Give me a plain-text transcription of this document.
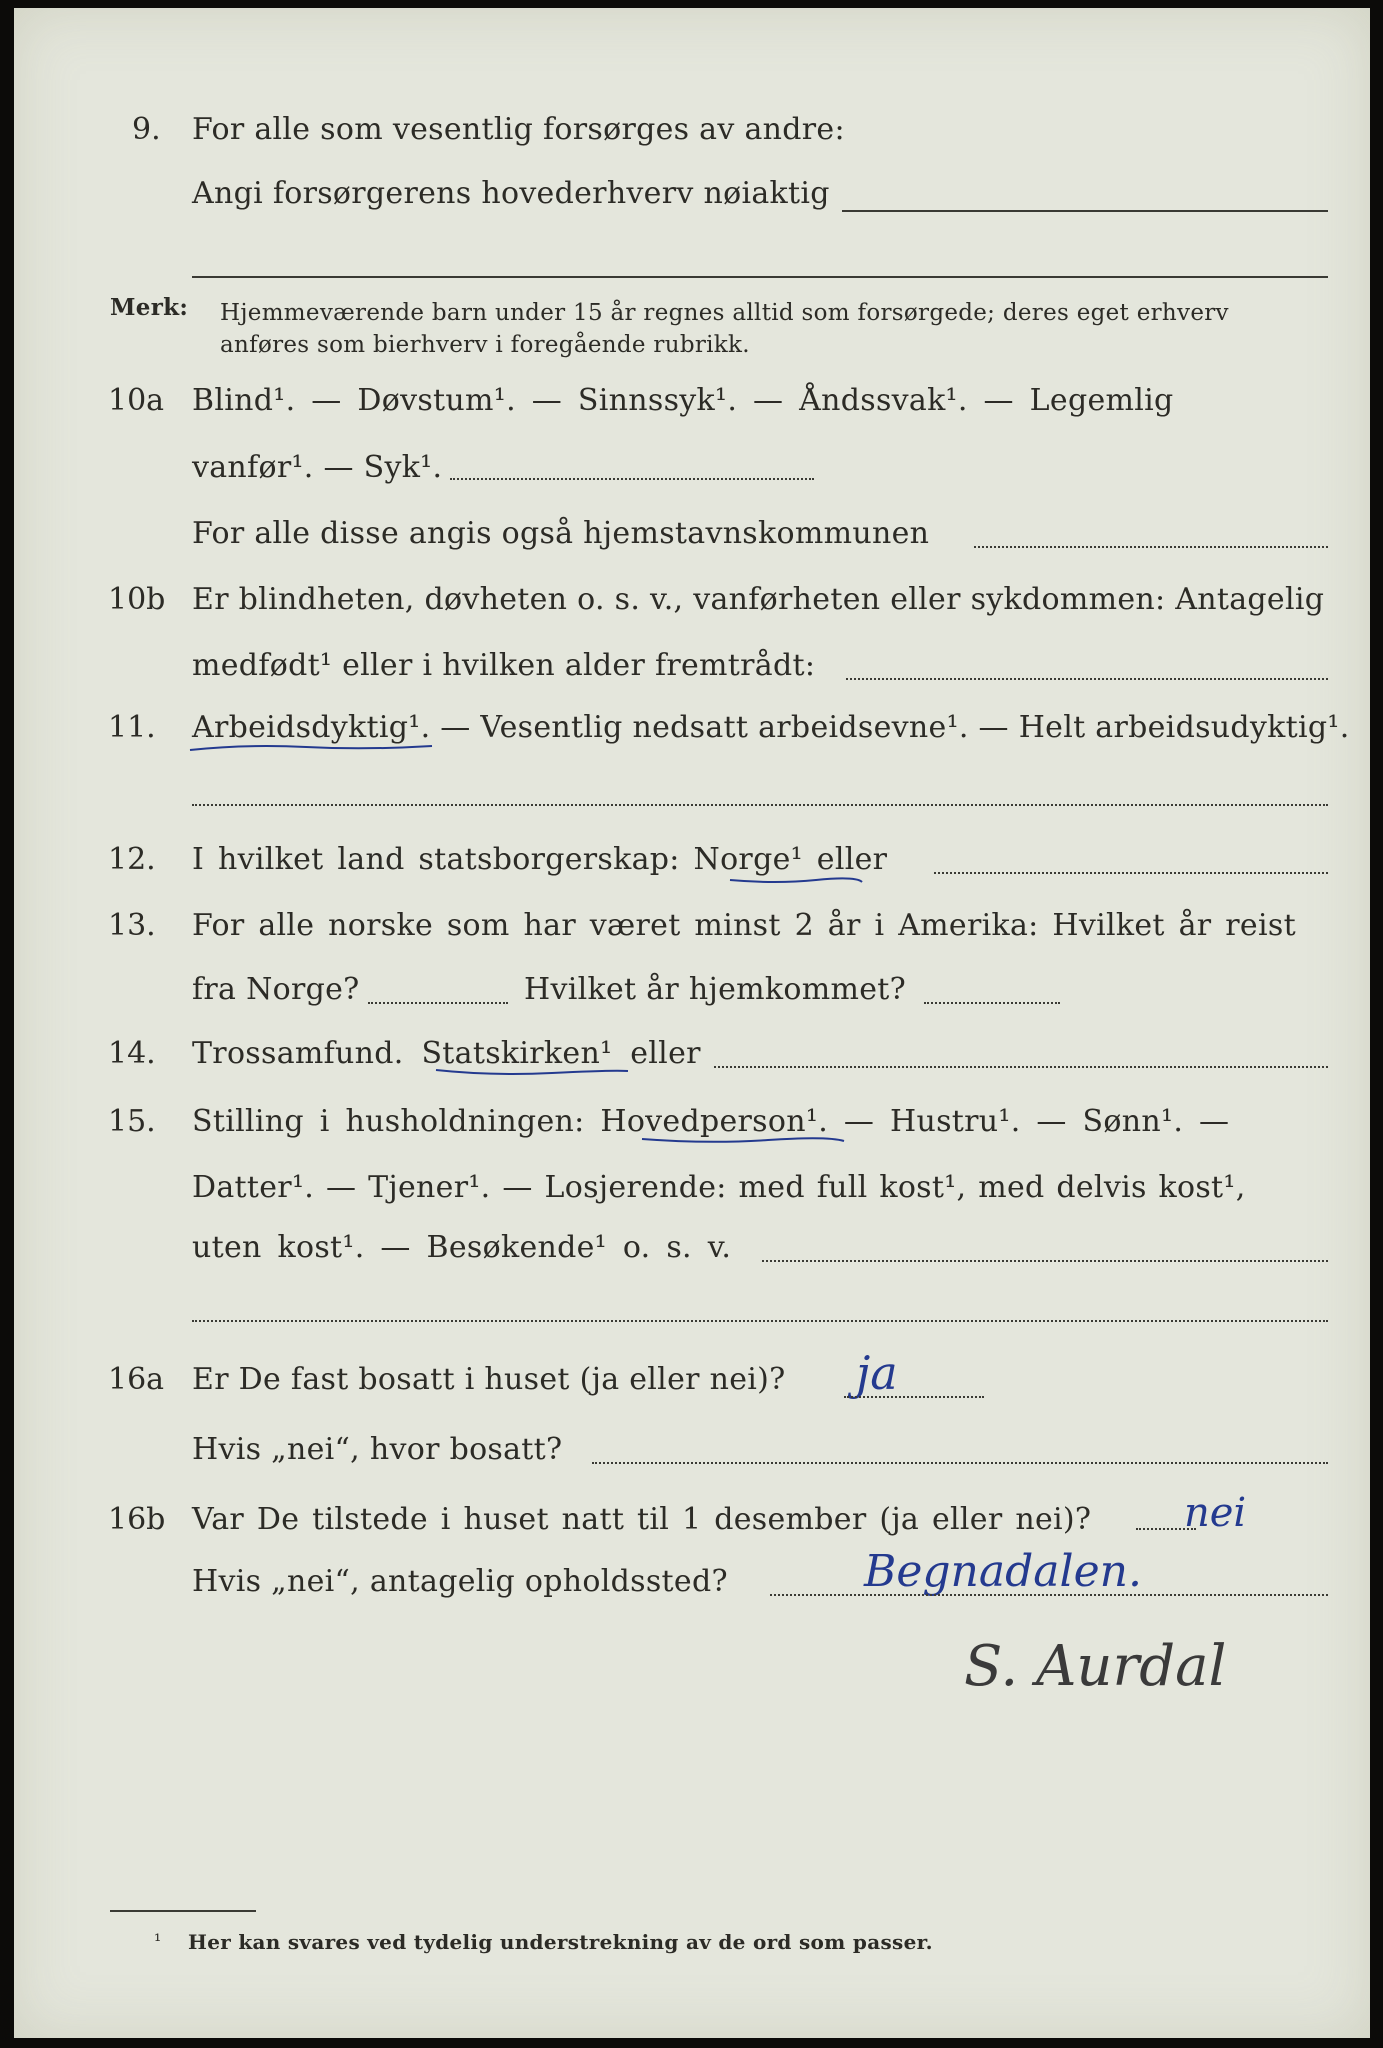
9. For alle som vesentlig forsørges av andre:
Angi forsørgerens hovederhverv nøiaktig
Merk: Hjemmeværende barn under 15 år regnes alltid som forsørgede; deres eget erhverv
anføres som bierhverv i foregående rubrikk.
10a Blind¹. — Døvstum¹. — Sinnssyk¹. — Åndssvak¹. — Legemlig
vanfør¹. — Syk¹.
For alle disse angis også hjemstavnskommunen
10b Er blindheten, døvheten o. s. v., vanførheten eller sykdommen: Antagelig
medfødt¹ eller i hvilken alder fremtrådt:
11. Arbeidsdyktig¹. — Vesentlig nedsatt arbeidsevne¹. — Helt arbeidsudyktig¹.
12. I hvilket land statsborgerskap: Norge¹ eller
13. For alle norske som har været minst 2 år i Amerika: Hvilket år reist
fra Norge?	Hvilket år hjemkommet?
14. Trossamfund. Statskirken¹ eller
15. Stilling i husholdningen: Hovedperson¹. — Hustru¹. — Sønn¹. —
Datter¹. — Tjener¹. — Losjerende: med full kost¹, med delvis kost¹,
uten kost¹. — Besøkende¹ o. s. v.
16a Er De fast bosatt i huset (ja eller nei)? ja
Hvis „nei“, hvor bosatt?
16b Var De tilstede i huset natt til 1 desember (ja eller nei)? nei
Hvis „nei“, antagelig opholdssted?	Begnadalen.
S. Aurdal
¹ Her kan svares ved tydelig understrekning av de ord som passer.
